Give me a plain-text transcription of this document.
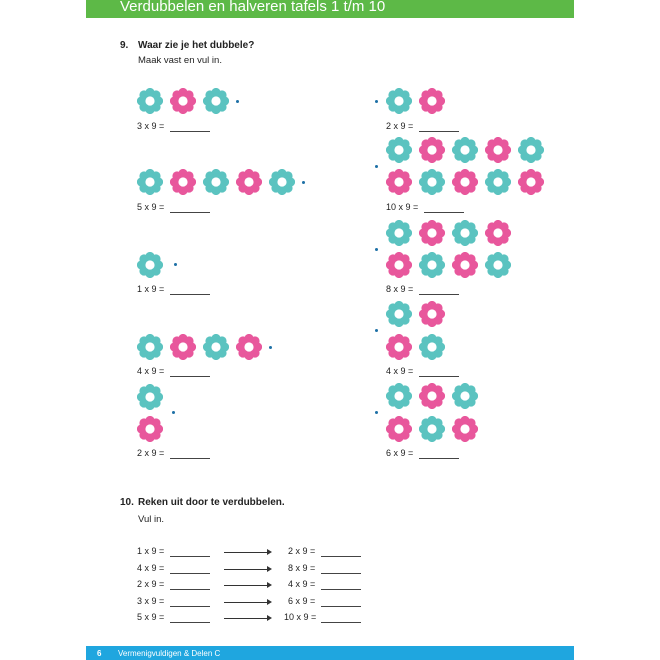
Verdubbelen en halveren tafels 1 t/m 10
9. Waar zie je het dubbele?
Maak vast en vul in.
3 x 9 =
5 x 9 =
1 x 9 =
4 x 9 =
2 x 9 =
2 x 9 =
10 x 9 =
8 x 9 =
4 x 9 =
6 x 9 =
10. Reken uit door te verdubbelen.
Vul in.
1 x 9 =	2 x 9 =
4 x 9 =	8 x 9 =
2 x 9 =	4 x 9 =
3 x 9 =	6 x 9 =
5 x 9 =	10 x 9 =
6 Vermenigvuldigen & Delen C
